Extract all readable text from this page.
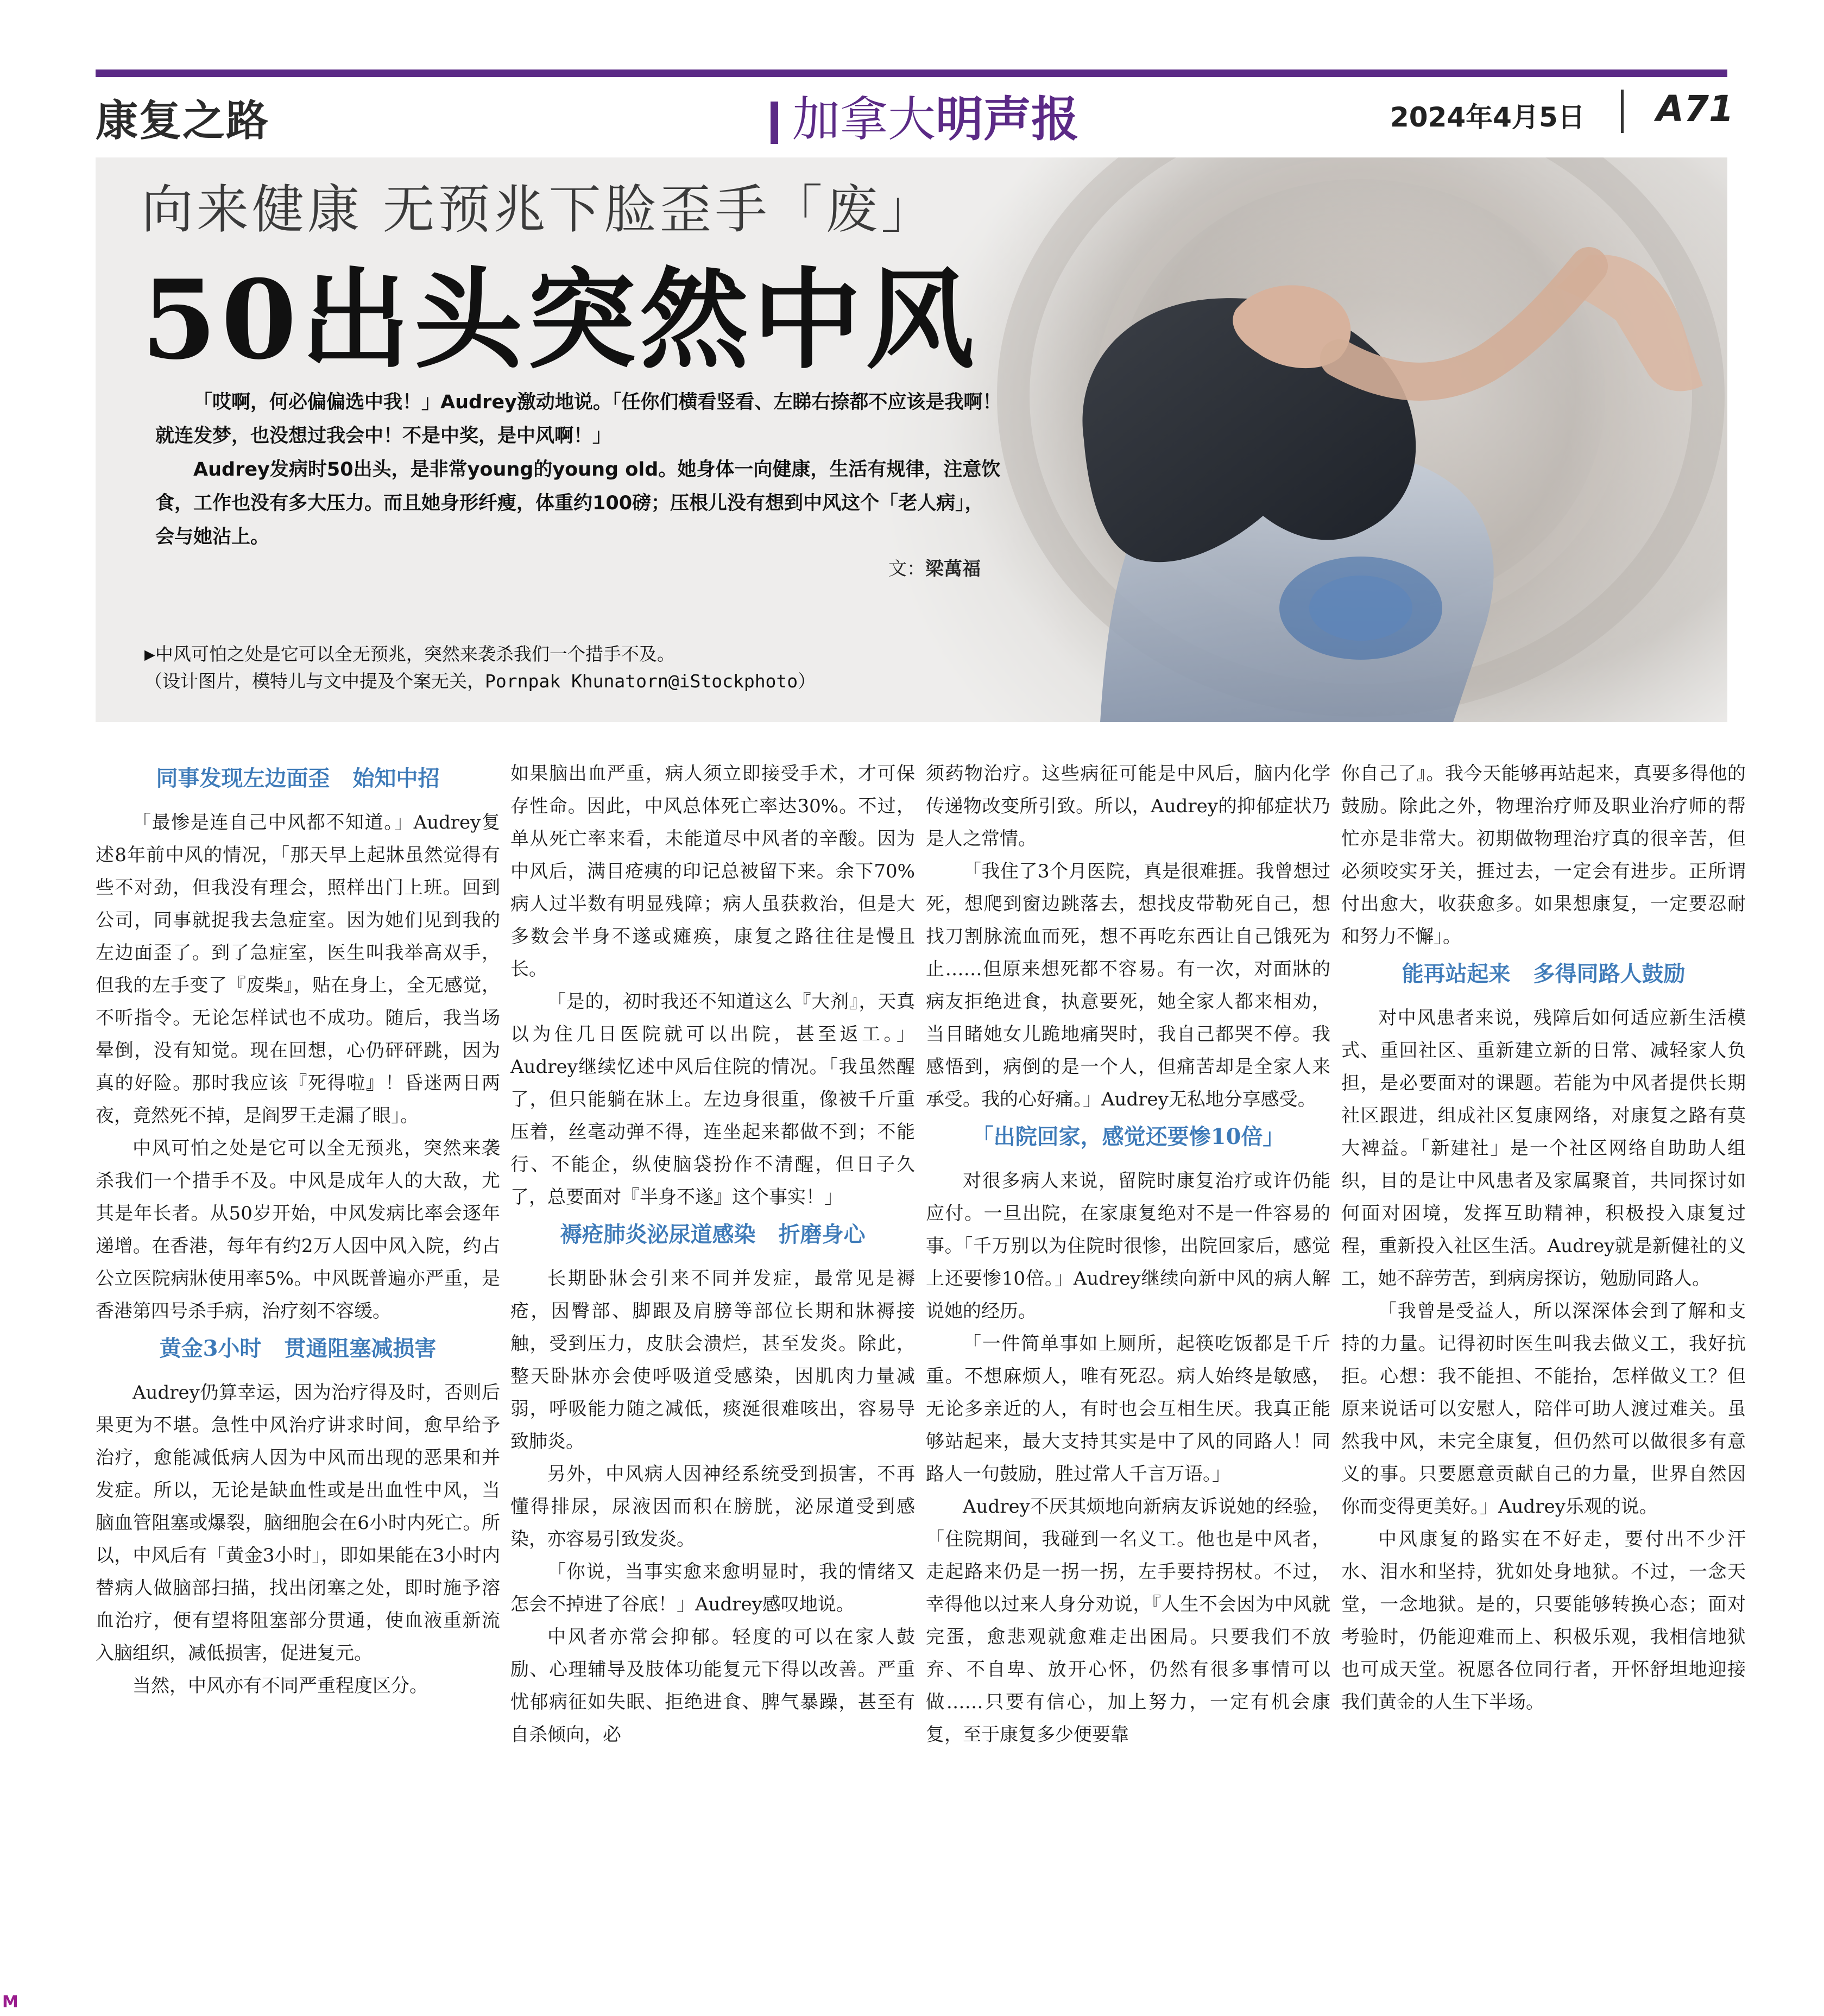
康复之路	加拿大明声报	2024年4月5日 A71
向来健康 无预兆下脸歪手「废」
50出头突然中风

「哎啊，何必偏偏选中我！」Audrey激动地说。「任你们横看竖看、左睇右捺都不应该是我啊！就连发梦，也没想过我会中！不是中奖，是中风啊！」

Audrey发病时50出头，是非常young的young old。她身体一向健康，生活有规律，注意饮食，工作也没有多大压力。而且她身形纤瘦，体重约100磅；压根儿没有想到中风这个「老人病」，会与她沾上。

文：梁萬福
▶中风可怕之处是它可以全无预兆，突然来袭杀我们一个措手不及。
（设计图片，模特儿与文中提及个案无关，Pornpak Khunatorn@iStockphoto）
同事发现左边面歪 始知中招

「最惨是连自己中风都不知道。」Audrey复述8年前中风的情况，「那天早上起牀虽然觉得有些不对劲，但我没有理会，照样出门上班。回到公司，同事就捉我去急症室。因为她们见到我的左边面歪了。到了急症室，医生叫我举高双手，但我的左手变了『废柴』，贴在身上，全无感觉，不听指令。无论怎样试也不成功。随后，我当场晕倒，没有知觉。现在回想，心仍砰砰跳，因为真的好险。那时我应该『死得啦』！昏迷两日两夜，竟然死不掉，是阎罗王走漏了眼」。

中风可怕之处是它可以全无预兆，突然来袭杀我们一个措手不及。中风是成年人的大敌，尤其是年长者。从50岁开始，中风发病比率会逐年递增。在香港，每年有约2万人因中风入院，约占公立医院病牀使用率5%。中风既普遍亦严重，是香港第四号杀手病，治疗刻不容缓。

黄金3小时 贯通阻塞减损害

Audrey仍算幸运，因为治疗得及时，否则后果更为不堪。急性中风治疗讲求时间，愈早给予治疗，愈能减低病人因为中风而出现的恶果和并发症。所以，无论是缺血性或是出血性中风，当脑血管阻塞或爆裂，脑细胞会在6小时内死亡。所以，中风后有「黄金3小时」，即如果能在3小时内替病人做脑部扫描，找出闭塞之处，即时施予溶血治疗，便有望将阻塞部分贯通，使血液重新流入脑组织，减低损害，促进复元。

当然，中风亦有不同严重程度区分。

如果脑出血严重，病人须立即接受手术，才可保存性命。因此，中风总体死亡率达30%。不过，单从死亡率来看，未能道尽中风者的辛酸。因为中风后，满目疮痍的印记总被留下来。余下70%病人过半数有明显残障；病人虽获救治，但是大多数会半身不遂或瘫痪，康复之路往往是慢且长。

「是的，初时我还不知道这么『大剂』，天真以为住几日医院就可以出院，甚至返工。」Audrey继续忆述中风后住院的情况。「我虽然醒了，但只能躺在牀上。左边身很重，像被千斤重压着，丝毫动弹不得，连坐起来都做不到；不能行、不能企，纵使脑袋扮作不清醒，但日子久了，总要面对『半身不遂』这个事实！」

褥疮肺炎泌尿道感染 折磨身心

长期卧牀会引来不同并发症，最常见是褥疮，因臀部、脚跟及肩膀等部位长期和牀褥接触，受到压力，皮肤会溃烂，甚至发炎。除此，整天卧牀亦会使呼吸道受感染，因肌肉力量减弱，呼吸能力随之减低，痰涎很难咳出，容易导致肺炎。

另外，中风病人因神经系统受到损害，不再懂得排尿，尿液因而积在膀胱，泌尿道受到感染，亦容易引致发炎。

「你说，当事实愈来愈明显时，我的情绪又怎会不掉进了谷底！」Audrey感叹地说。

中风者亦常会抑郁。轻度的可以在家人鼓励、心理辅导及肢体功能复元下得以改善。严重忧郁病征如失眠、拒绝进食、脾气暴躁，甚至有自杀倾向，必

须药物治疗。这些病征可能是中风后，脑内化学传递物改变所引致。所以，Audrey的抑郁症状乃是人之常情。

「我住了3个月医院，真是很难捱。我曾想过死，想爬到窗边跳落去，想找皮带勒死自己，想找刀割脉流血而死，想不再吃东西让自己饿死为止……但原来想死都不容易。有一次，对面牀的病友拒绝进食，执意要死，她全家人都来相劝，当目睹她女儿跪地痛哭时，我自己都哭不停。我感悟到，病倒的是一个人，但痛苦却是全家人来承受。我的心好痛。」Audrey无私地分享感受。

「出院回家，感觉还要惨10倍」

对很多病人来说，留院时康复治疗或许仍能应付。一旦出院，在家康复绝对不是一件容易的事。「千万别以为住院时很惨，出院回家后，感觉上还要惨10倍。」Audrey继续向新中风的病人解说她的经历。

「一件简单事如上厕所，起筷吃饭都是千斤重。不想麻烦人，唯有死忍。病人始终是敏感，无论多亲近的人，有时也会互相生厌。我真正能够站起来，最大支持其实是中了风的同路人！同路人一句鼓励，胜过常人千言万语。」

Audrey不厌其烦地向新病友诉说她的经验，「住院期间，我碰到一名义工。他也是中风者，走起路来仍是一拐一拐，左手要持拐杖。不过，幸得他以过来人身分劝说，『人生不会因为中风就完蛋，愈悲观就愈难走出困局。只要我们不放弃、不自卑、放开心怀，仍然有很多事情可以做……只要有信心，加上努力，一定有机会康复，至于康复多少便要靠

你自己了』。我今天能够再站起来，真要多得他的鼓励。除此之外，物理治疗师及职业治疗师的帮忙亦是非常大。初期做物理治疗真的很辛苦，但必须咬实牙关，捱过去，一定会有进步。正所谓付出愈大，收获愈多。如果想康复，一定要忍耐和努力不懈」。

能再站起来 多得同路人鼓励

对中风患者来说，残障后如何适应新生活模式、重回社区、重新建立新的日常、减轻家人负担，是必要面对的课题。若能为中风者提供长期社区跟进，组成社区复康网络，对康复之路有莫大裨益。「新建社」是一个社区网络自助助人组织，目的是让中风患者及家属聚首，共同探讨如何面对困境，发挥互助精神，积极投入康复过程，重新投入社区生活。Audrey就是新健社的义工，她不辞劳苦，到病房探访，勉励同路人。

「我曾是受益人，所以深深体会到了解和支持的力量。记得初时医生叫我去做义工，我好抗拒。心想：我不能担、不能抬，怎样做义工？但原来说话可以安慰人，陪伴可助人渡过难关。虽然我中风，未完全康复，但仍然可以做很多有意义的事。只要愿意贡献自己的力量，世界自然因你而变得更美好。」Audrey乐观的说。

中风康复的路实在不好走，要付出不少汗水、泪水和坚持，犹如处身地狱。不过，一念天堂，一念地狱。是的，只要能够转换心态；面对考验时，仍能迎难而上、积极乐观，我相信地狱也可成天堂。祝愿各位同行者，开怀舒坦地迎接我们黄金的人生下半场。

M
